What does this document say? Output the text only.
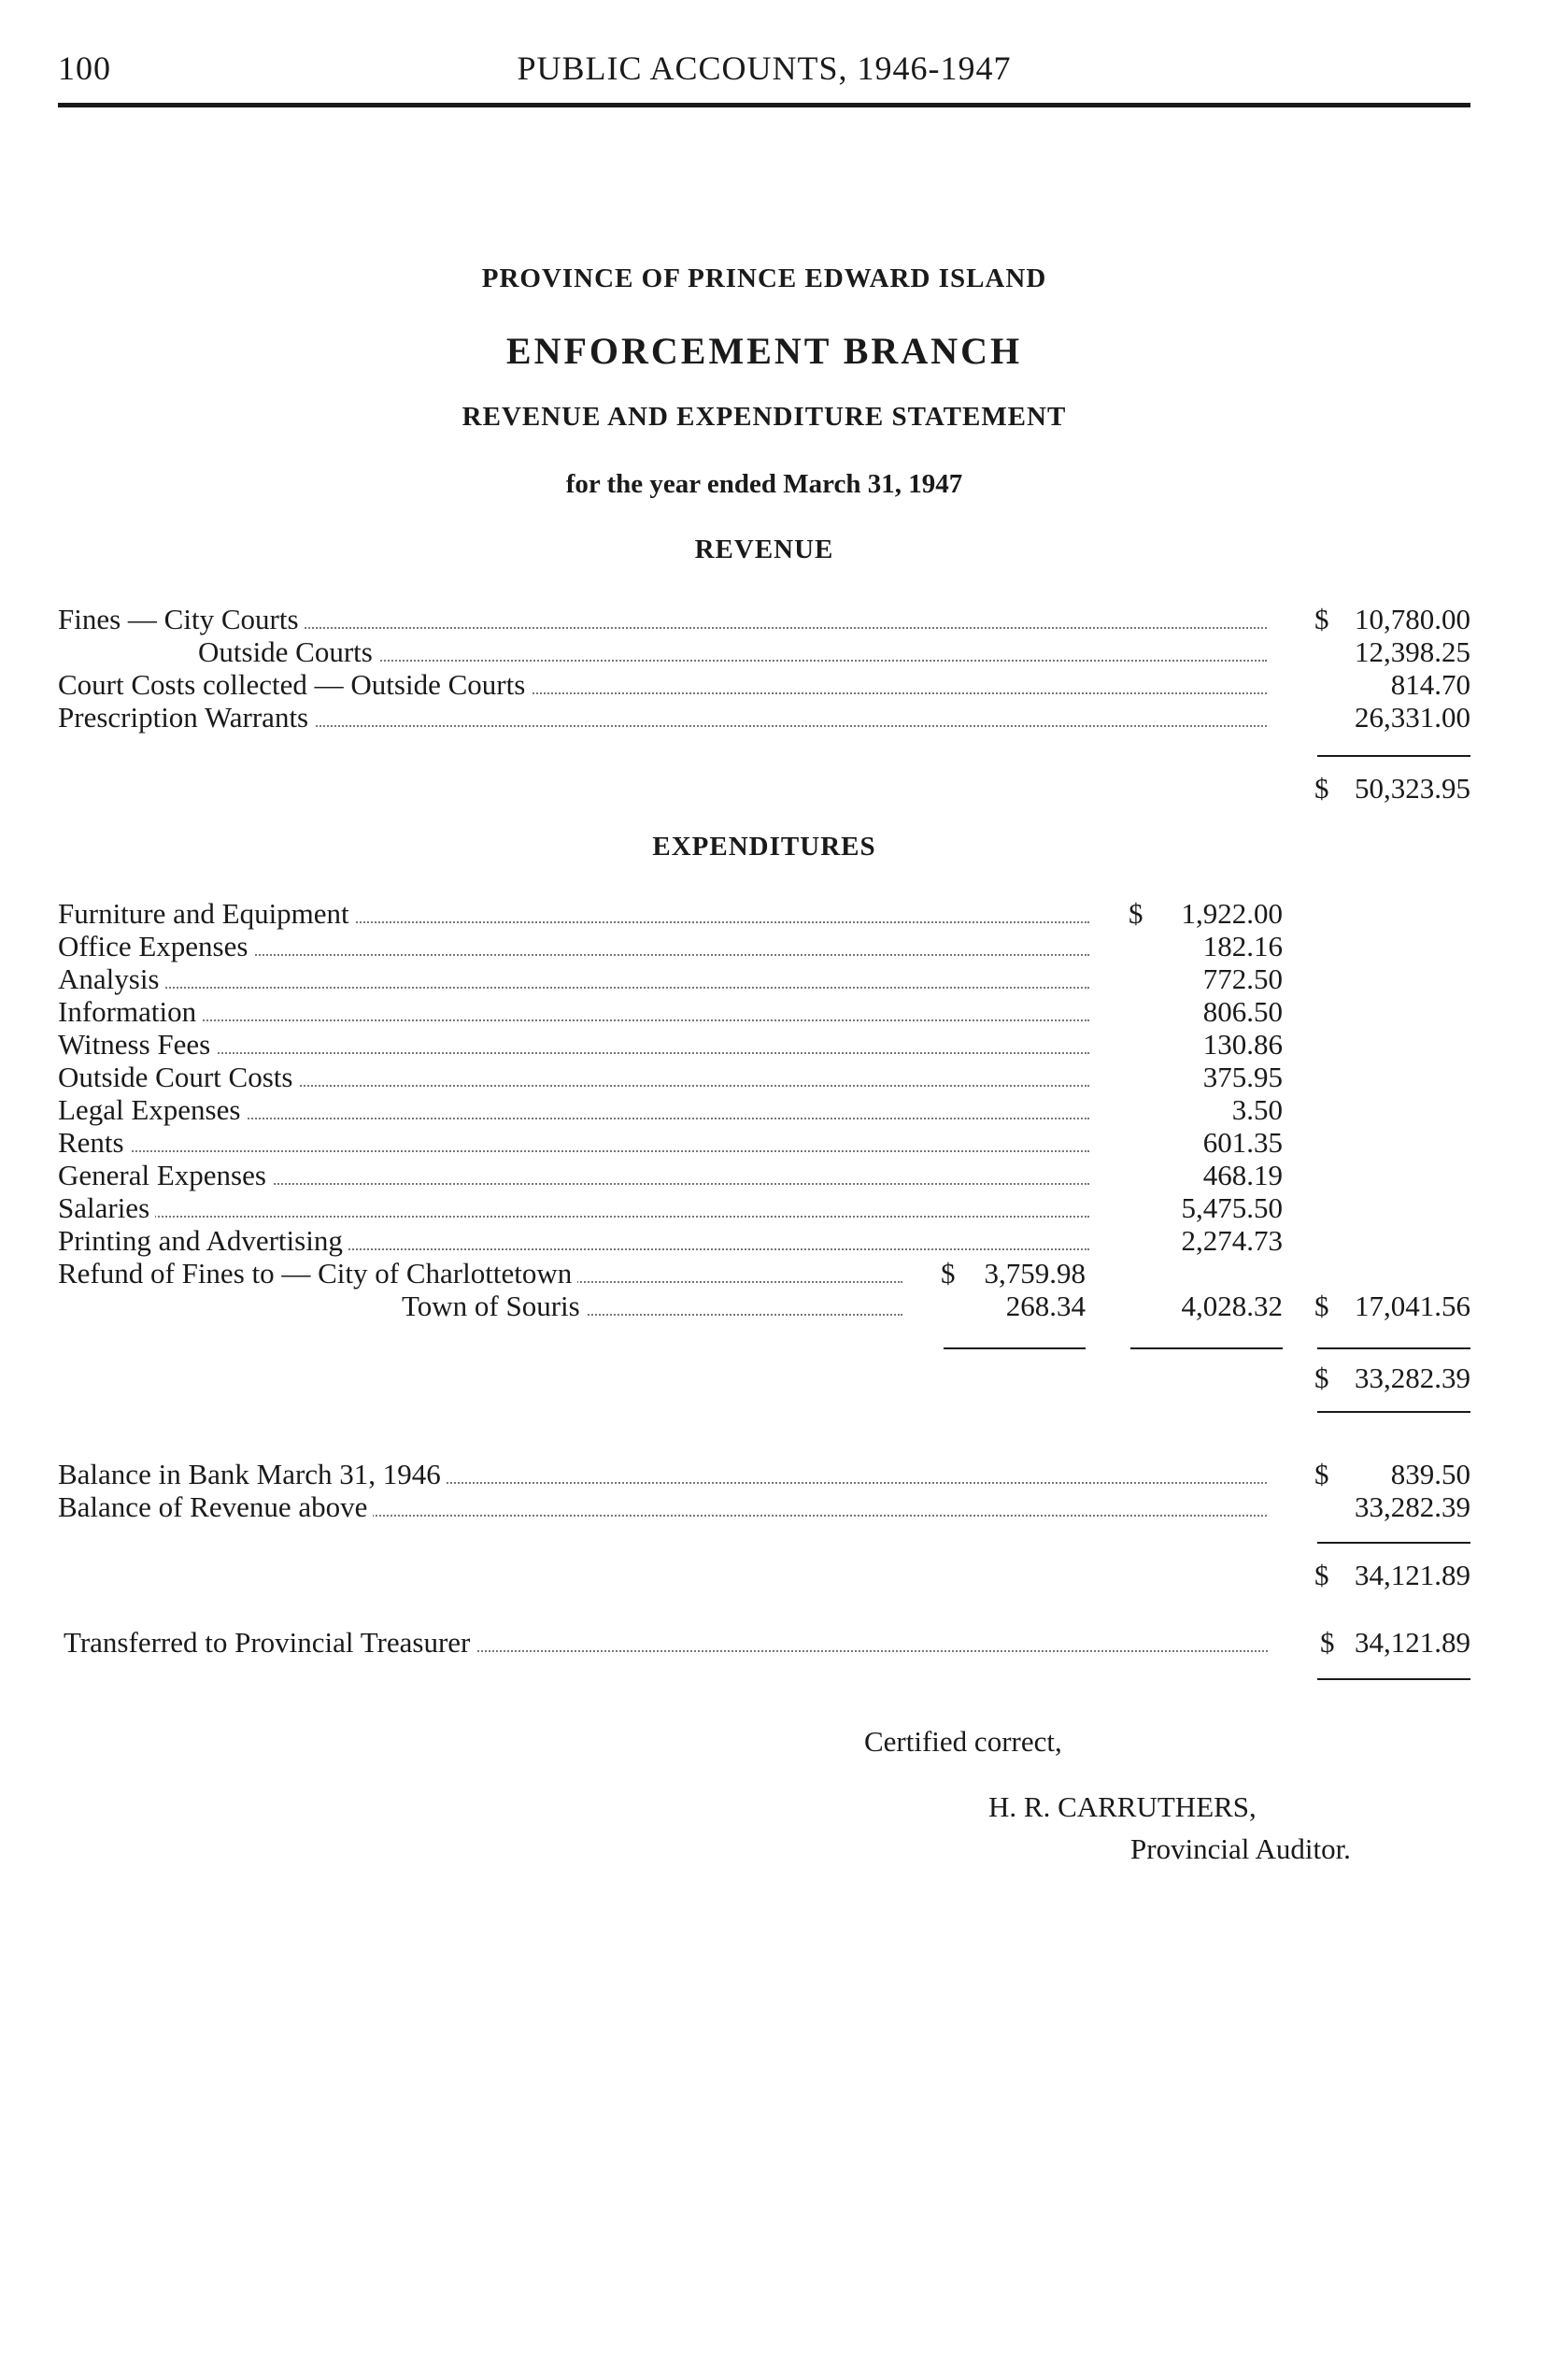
100	PUBLIC ACCOUNTS, 1946-1947
PROVINCE OF PRINCE EDWARD ISLAND
ENFORCEMENT BRANCH
REVENUE AND EXPENDITURE STATEMENT
for the year ended March 31, 1947
REVENUE
Fines — City Courts	$ 10,780.00
Outside Courts	12,398.25
Court Costs collected — Outside Courts	814.70
Prescription Warrants	26,331.00
$ 50,323.95
EXPENDITURES
Furniture and Equipment	$ 1,922.00
Office Expenses	182.16
Analysis	772.50
Information	806.50
Witness Fees	130.86
Outside Court Costs	375.95
Legal Expenses	3.50
Rents	601.35
General Expenses	468.19
Salaries	5,475.50
Printing and Advertising	2,274.73
Refund of Fines to — City of Charlottetown	$ 3,759.98
Town of Souris	268.34	4,028.32 $ 17,041.56
$ 33,282.39
Balance in Bank March 31, 1946	$ 839.50
Balance of Revenue above	33,282.39
$ 34,121.89
Transferred to Provincial Treasurer	$ 34,121.89
Certified correct,
H. R. CARRUTHERS,
Provincial Auditor.
